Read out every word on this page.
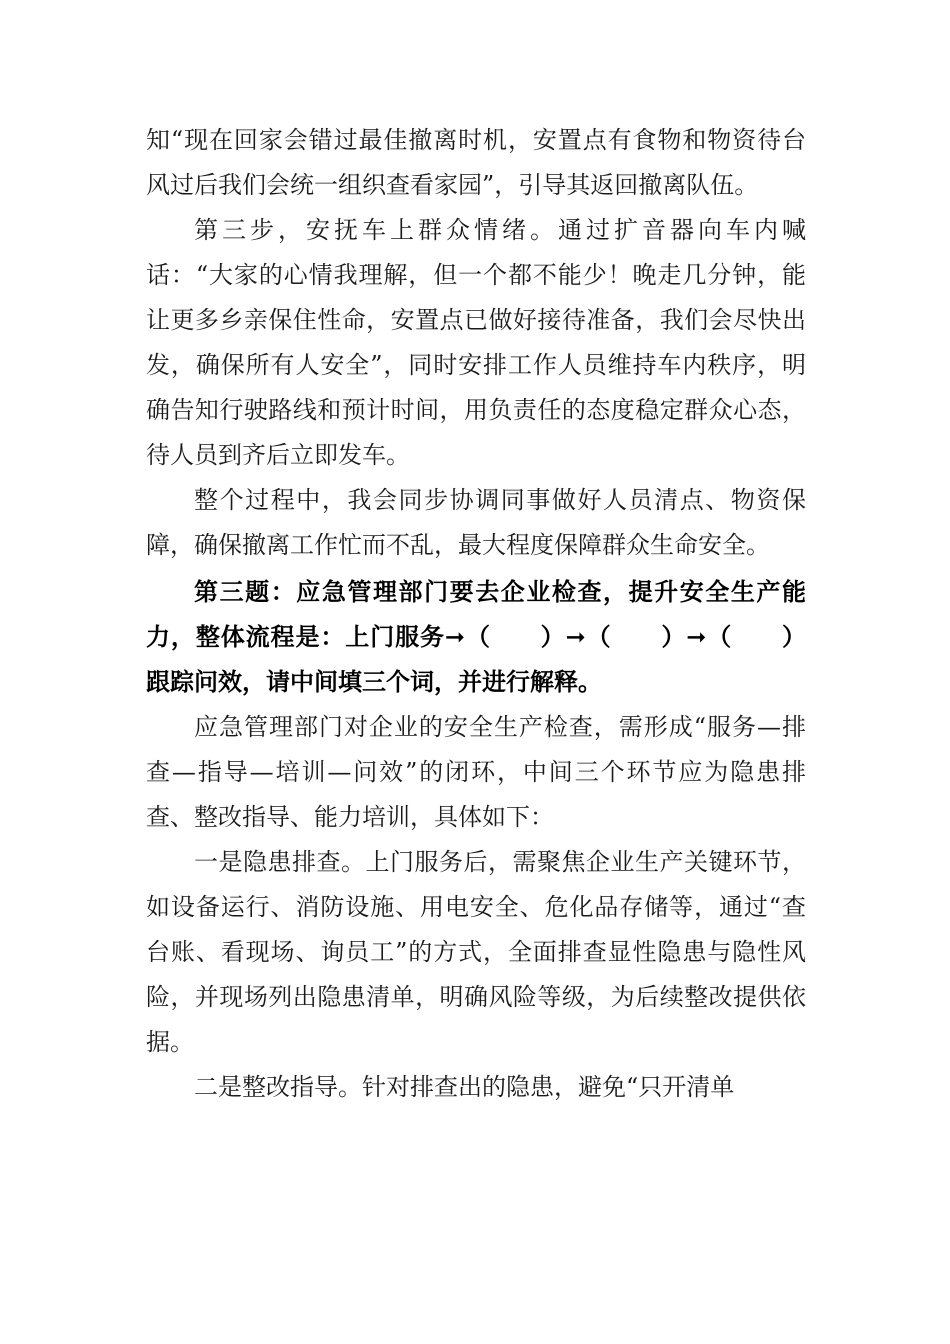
知“现在回家会错过最佳撤离时机，安置点有食物和物资待台风过后我们会统一组织查看家园”，引导其返回撤离队伍。

第三步，安抚车上群众情绪。通过扩音器向车内喊话：“大家的心情我理解，但一个都不能少！晚走几分钟，能让更多乡亲保住性命，安置点已做好接待准备，我们会尽快出发，确保所有人安全”，同时安排工作人员维持车内秩序，明确告知行驶路线和预计时间，用负责任的态度稳定群众心态，待人员到齐后立即发车。

整个过程中，我会同步协调同事做好人员清点、物资保障，确保撤离工作忙而不乱，最大程度保障群众生命安全。

第三题：应急管理部门要去企业检查，提升安全生产能力，整体流程是：上门服务➞（　　）➞（　　）➞（　　）跟踪问效，请中间填三个词，并进行解释。

应急管理部门对企业的安全生产检查，需形成“服务—排查—指导—培训—问效”的闭环，中间三个环节应为隐患排查、整改指导、能力培训，具体如下：

一是隐患排查。上门服务后，需聚焦企业生产关键环节，如设备运行、消防设施、用电安全、危化品存储等，通过“查台账、看现场、询员工”的方式，全面排查显性隐患与隐性风险，并现场列出隐患清单，明确风险等级，为后续整改提供依据。

二是整改指导。针对排查出的隐患，避免“只开清单
